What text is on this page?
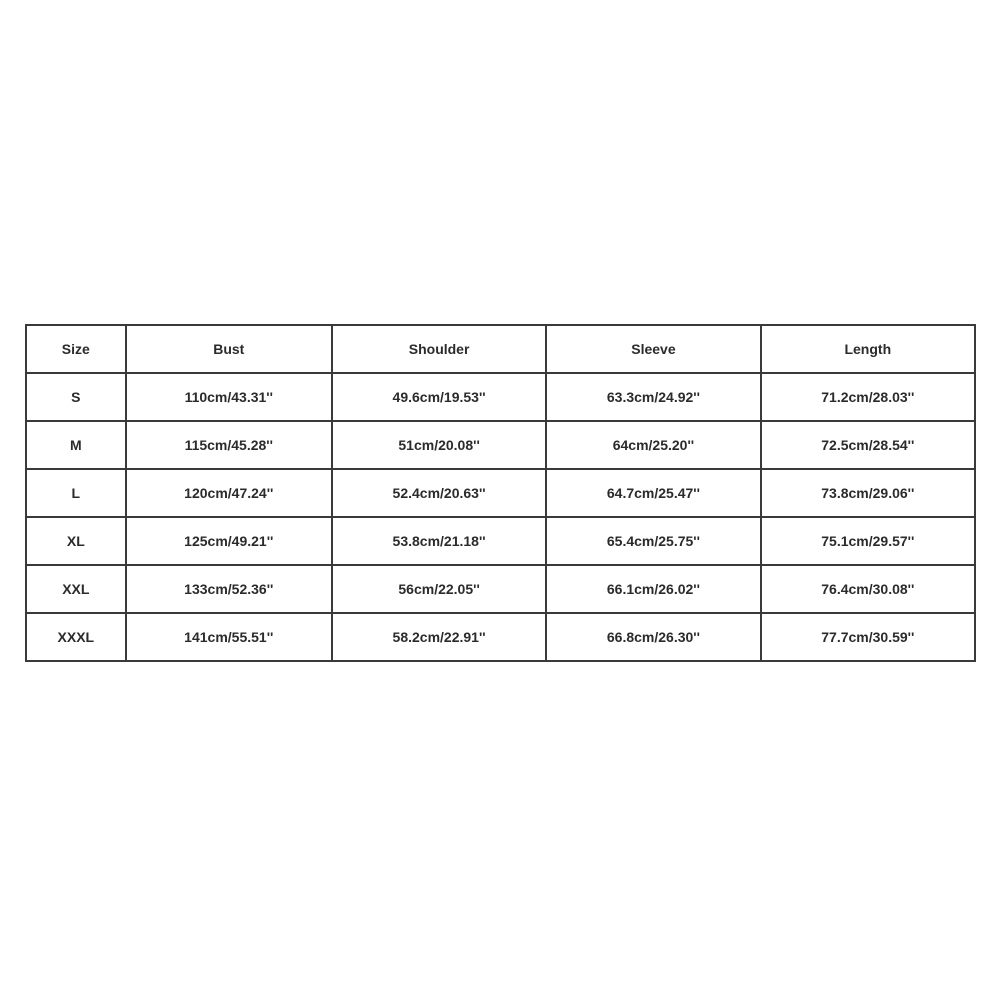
Size	Bust	Shoulder	Sleeve	Length
S	110cm/43.31''	49.6cm/19.53''	63.3cm/24.92''	71.2cm/28.03''
M	115cm/45.28''	51cm/20.08''	64cm/25.20''	72.5cm/28.54''
L	120cm/47.24''	52.4cm/20.63''	64.7cm/25.47''	73.8cm/29.06''
XL	125cm/49.21''	53.8cm/21.18''	65.4cm/25.75''	75.1cm/29.57''
XXL	133cm/52.36''	56cm/22.05''	66.1cm/26.02''	76.4cm/30.08''
XXXL	141cm/55.51''	58.2cm/22.91''	66.8cm/26.30''	77.7cm/30.59''
